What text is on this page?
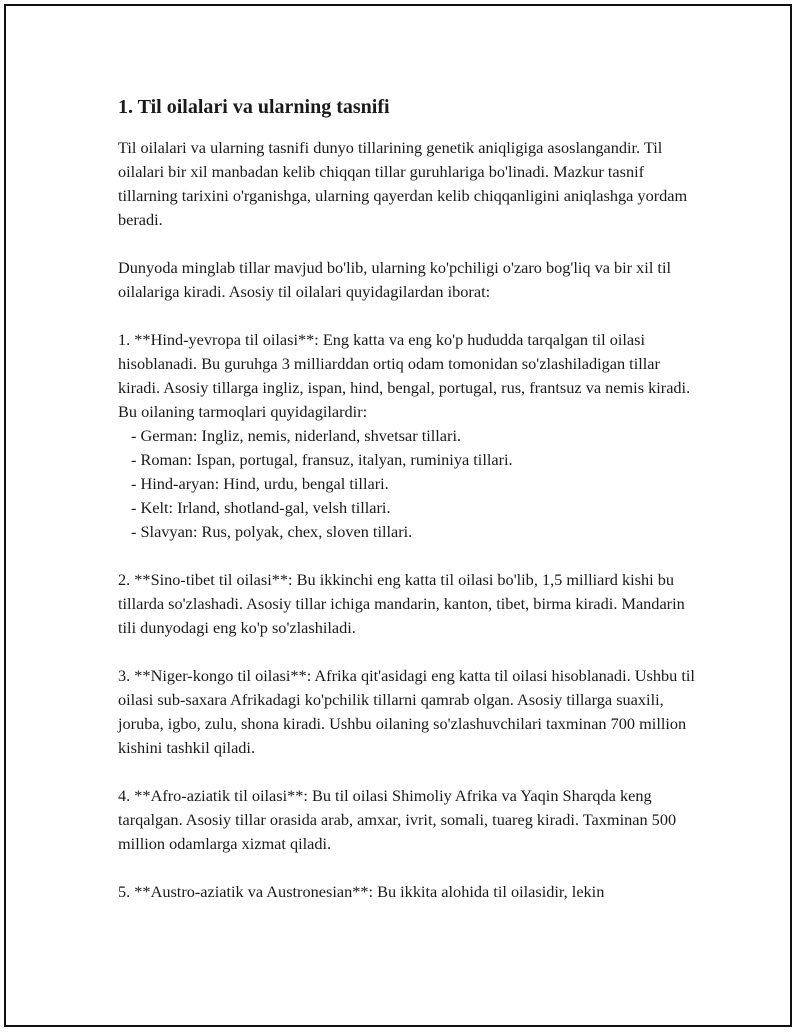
1. Til oilalari va ularning tasnifi

Til oilalari va ularning tasnifi dunyo tillarining genetik aniqligiga asoslangandir. Til oilalari bir xil manbadan kelib chiqqan tillar guruhlariga bo'linadi. Mazkur tasnif tillarning tarixini o'rganishga, ularning qayerdan kelib chiqqanligini aniqlashga yordam beradi.

Dunyoda minglab tillar mavjud bo'lib, ularning ko'pchiligi o'zaro bog'liq va bir xil til oilalariga kiradi. Asosiy til oilalari quyidagilardan iborat:

1. **Hind-yevropa til oilasi**: Eng katta va eng ko'p hududda tarqalgan til oilasi hisoblanadi. Bu guruhga 3 milliarddan ortiq odam tomonidan so'zlashiladigan tillar kiradi. Asosiy tillarga ingliz, ispan, hind, bengal, portugal, rus, frantsuz va nemis kiradi. Bu oilaning tarmoqlari quyidagilardir:
- German: Ingliz, nemis, niderland, shvetsar tillari.
- Roman: Ispan, portugal, fransuz, italyan, ruminiya tillari.
- Hind-aryan: Hind, urdu, bengal tillari.
- Kelt: Irland, shotland-gal, velsh tillari.
- Slavyan: Rus, polyak, chex, sloven tillari.

2. **Sino-tibet til oilasi**: Bu ikkinchi eng katta til oilasi bo'lib, 1,5 milliard kishi bu tillarda so'zlashadi. Asosiy tillar ichiga mandarin, kanton, tibet, birma kiradi. Mandarin tili dunyodagi eng ko'p so'zlashiladi.

3. **Niger-kongo til oilasi**: Afrika qit'asidagi eng katta til oilasi hisoblanadi. Ushbu til oilasi sub-saxara Afrikadagi ko'pchilik tillarni qamrab olgan. Asosiy tillarga suaxili, joruba, igbo, zulu, shona kiradi. Ushbu oilaning so'zlashuvchilari taxminan 700 million kishini tashkil qiladi.

4. **Afro-aziatik til oilasi**: Bu til oilasi Shimoliy Afrika va Yaqin Sharqda keng tarqalgan. Asosiy tillar orasida arab, amxar, ivrit, somali, tuareg kiradi. Taxminan 500 million odamlarga xizmat qiladi.

5. **Austro-aziatik va Austronesian**: Bu ikkita alohida til oilasidir, lekin
